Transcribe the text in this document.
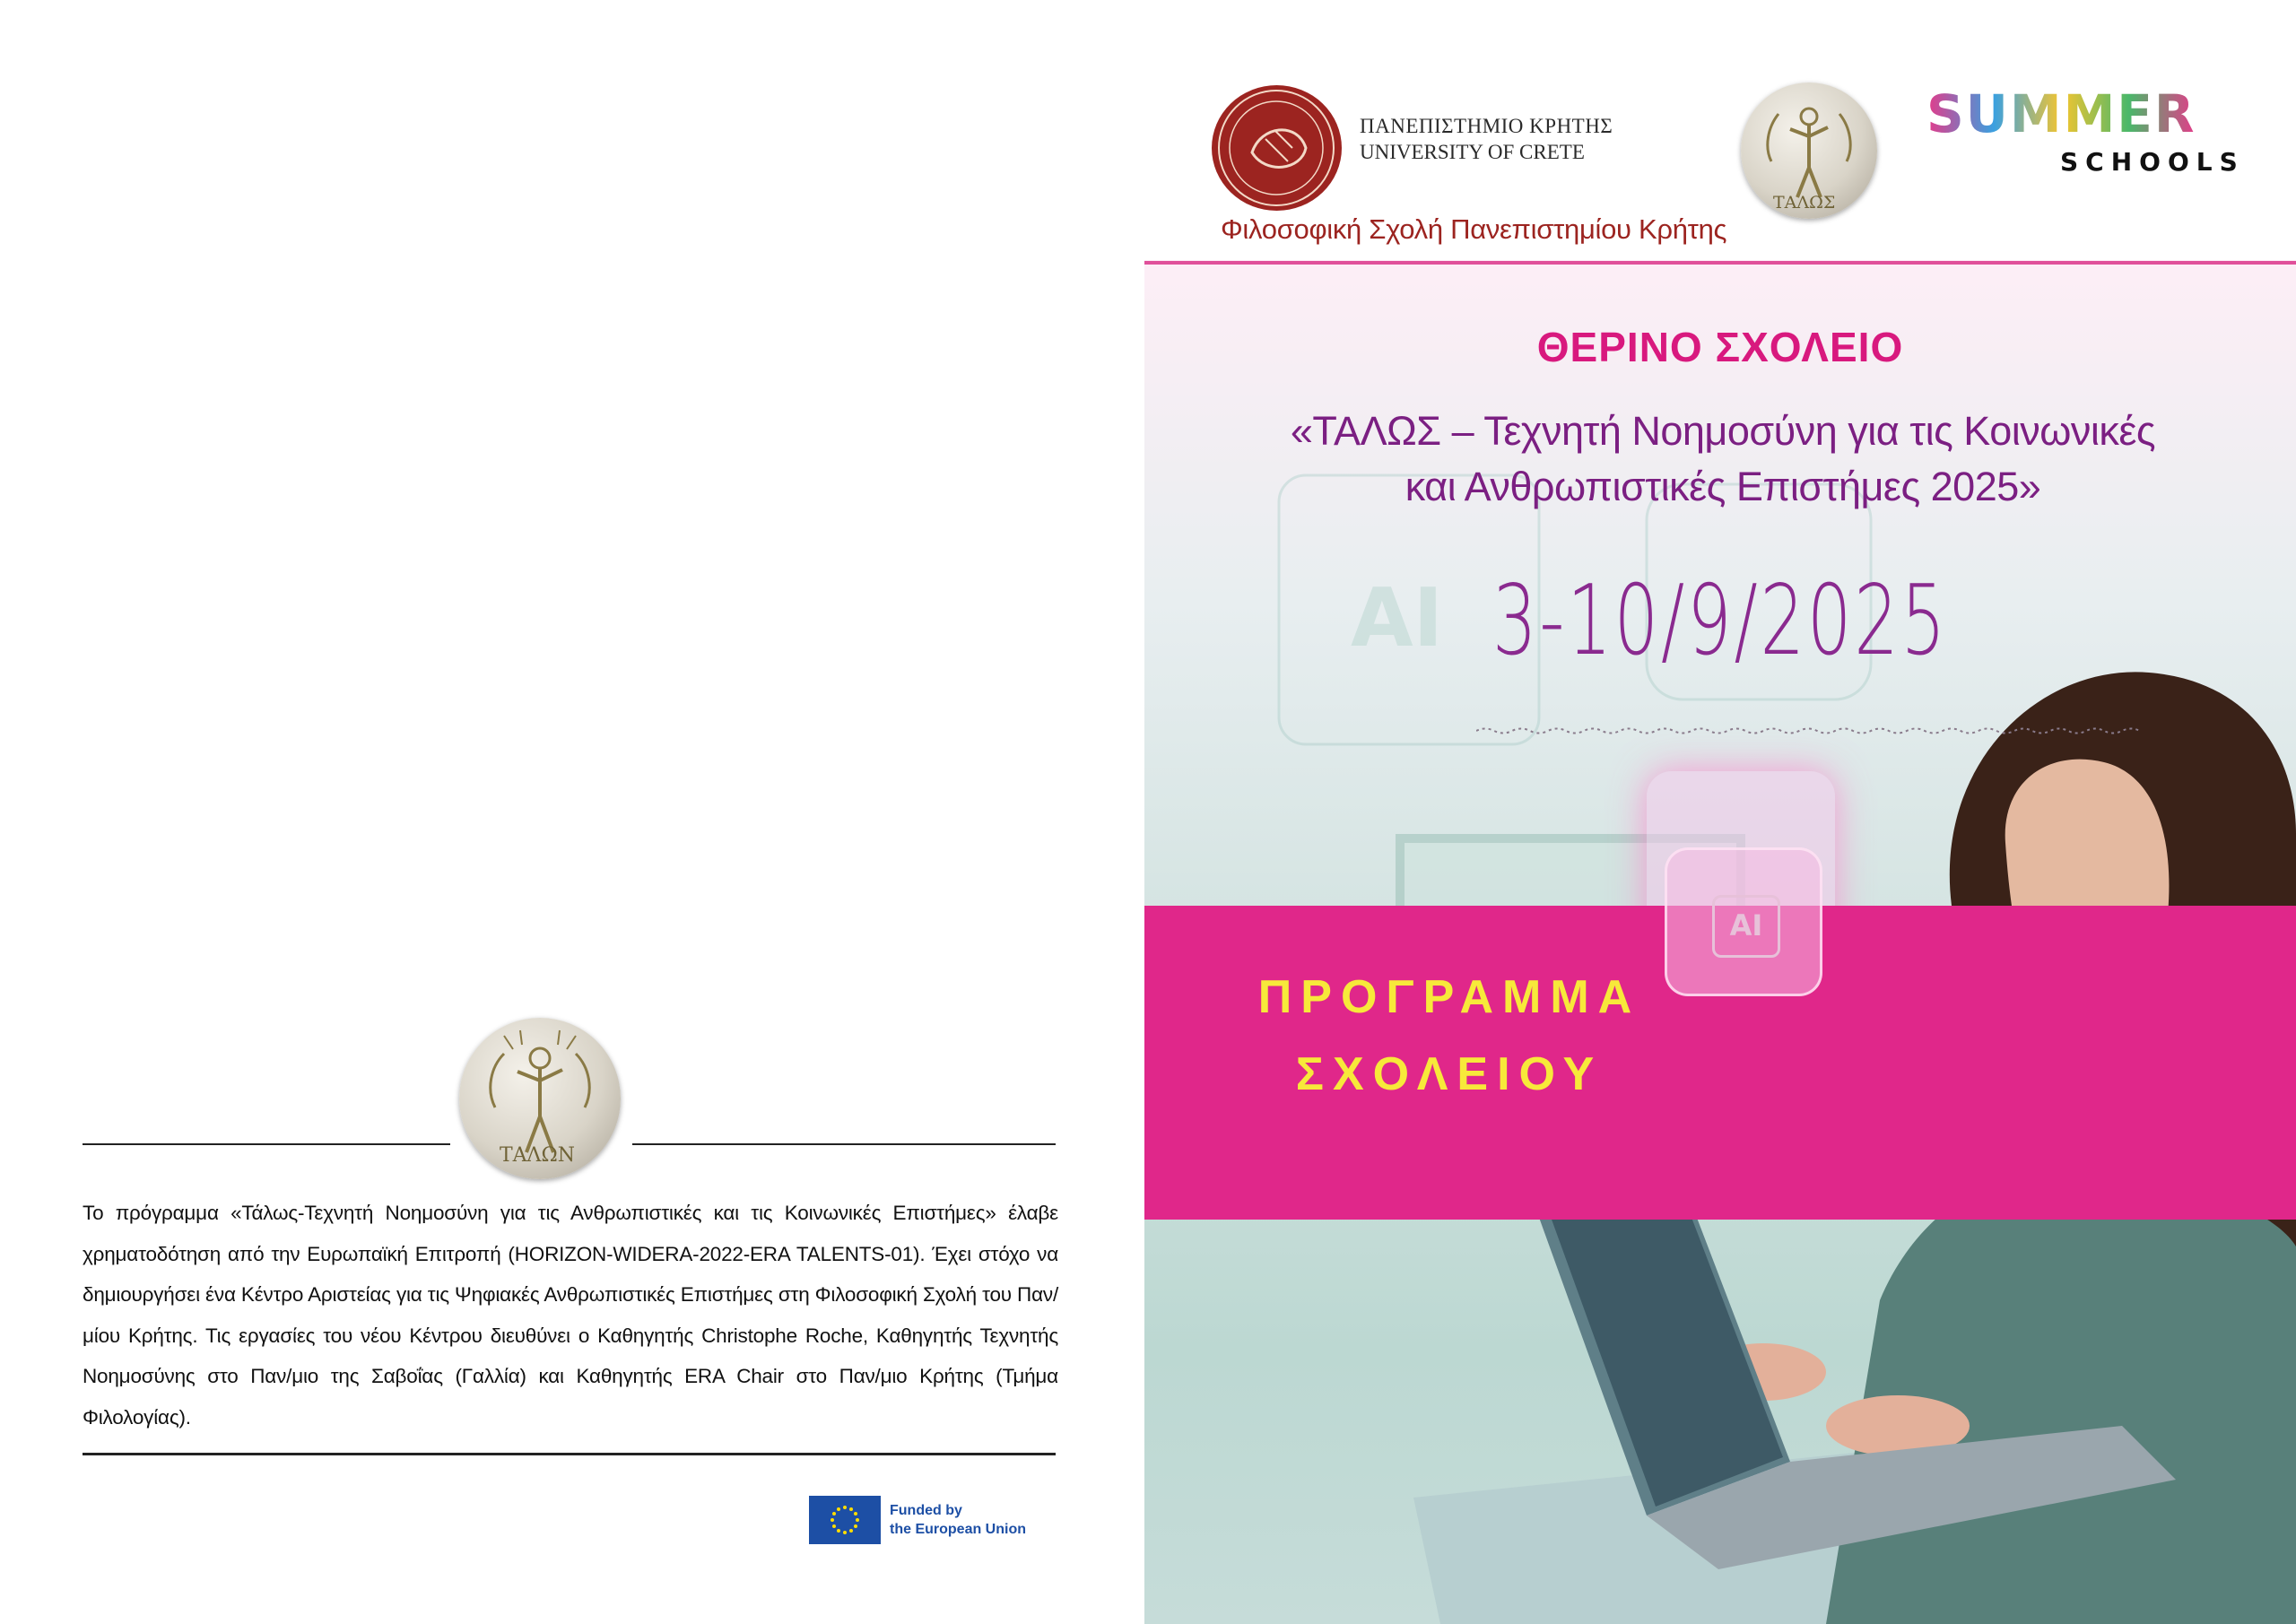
ΤΑΛΩΝ
Το πρόγραμμα «Τάλως-Τεχνητή Νοημοσύνη για τις Ανθρωπιστικές και τις Κοινωνικές Επιστήμες» έλαβε χρηματοδότηση από την Ευρωπαϊκή Επιτροπή (HORIZON-WIDERA-2022-ERA TALENTS-01). Έχει στόχο να δημιουργήσει ένα Κέντρο Αριστείας για τις Ψηφιακές Ανθρωπιστικές Επιστήμες στη Φιλοσοφική Σχολή του Παν/μίου Κρήτης. Τις εργασίες του νέου Κέντρου διευθύνει ο Καθηγητής Christophe Roche, Καθηγητής Τεχνητής Νοημοσύνης στο Παν/μιο της Σαβοΐας (Γαλλία) και Καθηγητής ERA Chair στο Παν/μιο Κρήτης (Τμήμα Φιλολογίας).
Funded by
the European Union
AI
AI
ΠΑΝΕΠΙΣΤΗΜΙΟ ΚΡΗΤΗΣ
UNIVERSITY OF CRETE
Φιλοσοφική Σχολή Πανεπιστημίου Κρήτης
ΤΑΛΩΣ
SUMMER
SCHOOLS
ΘΕΡΙΝΟ ΣΧΟΛΕΙΟ
«ΤΑΛΩΣ – Τεχνητή Νοημοσύνη για τις Κοινωνικές
και Ανθρωπιστικές Επιστήμες 2025»
3-10/9/2025
ΠΡΟΓΡΑΜΜΑ
ΣΧΟΛΕΙΟΥ
